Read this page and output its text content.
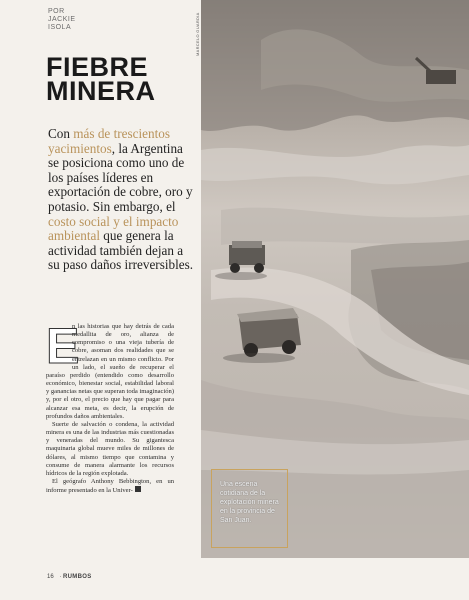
POR
JACKIE
ISOLA
FIEBRE
MINERA
Con más de trescientos yacimientos, la Argentina se posiciona como uno de los países líderes en exportación de cobre, oro y potasio. Sin embargo, el costo social y el impacto ambiental que genera la actividad también dejan a su paso daños irreversibles.

E
n las historias que hay detrás de cada medallita de oro, alianza de compromiso o una vieja tubería de cobre, asoman dos realidades que se entrelazan en un mismo conflicto. Por un lado, el sueño de recuperar el paraíso perdido (entendido como desarrollo económico, bienestar social, estabilidad laboral y ganancias netas que superan toda imaginación) y, por el otro, el precio que hay que pagar para alcanzar esa meta, es decir, la erupción de profundos daños ambientales.

Suerte de salvación o condena, la actividad minera es una de las industrias más cuestionadas y veneradas del mundo. Su gigantesca maquinaria global mueve miles de millones de dólares, al mismo tiempo que contamina y consume de manera alarmante los recursos hídricos de la región explotada.

El geógrafo Anthony Bebbington, en un informe presentado en la Univer-

MARCELO GUARDIA
Una escena cotidiana de la explotación minera en la provincia de San Juan.
16 · RUMBOS
